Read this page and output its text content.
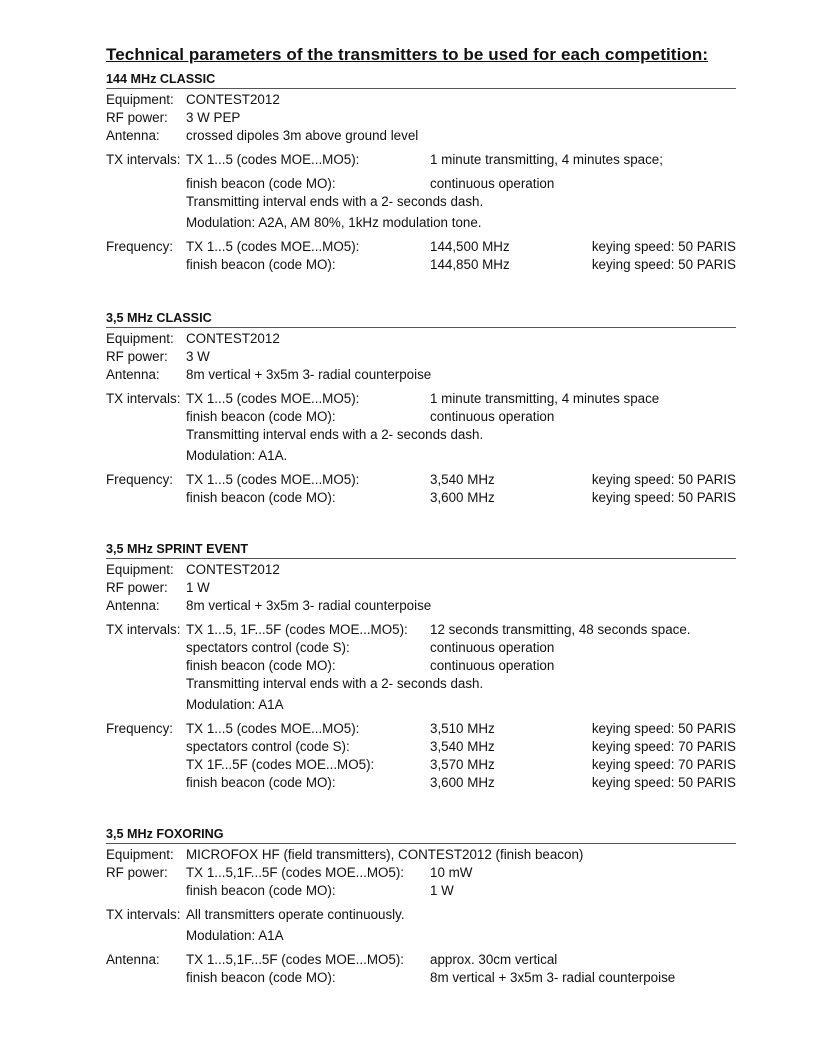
Technical parameters of the transmitters to be used for each competition:
144 MHz CLASSIC
Equipment: CONTEST2012
RF power: 3 W PEP
Antenna: crossed dipoles 3m above ground level
TX intervals: TX 1...5 (codes MOE...MO5):	1 minute transmitting, 4 minutes space;
finish beacon (code MO):	continuous operation
Transmitting interval ends with a 2- seconds dash.
Modulation: A2A, AM 80%, 1kHz modulation tone.
Frequency: TX 1...5 (codes MOE...MO5):	144,500 MHz	keying speed: 50 PARIS
finish beacon (code MO):	144,850 MHz	keying speed: 50 PARIS
3,5 MHz CLASSIC
Equipment: CONTEST2012
RF power: 3 W
Antenna: 8m vertical + 3x5m 3- radial counterpoise
TX intervals: TX 1...5 (codes MOE...MO5):	1 minute transmitting, 4 minutes space
finish beacon (code MO):	continuous operation
Transmitting interval ends with a 2- seconds dash.
Modulation: A1A.
Frequency: TX 1...5 (codes MOE...MO5):	3,540 MHz	keying speed: 50 PARIS
finish beacon (code MO):	3,600 MHz	keying speed: 50 PARIS
3,5 MHz SPRINT EVENT
Equipment: CONTEST2012
RF power: 1 W
Antenna: 8m vertical + 3x5m 3- radial counterpoise
TX intervals: TX 1...5, 1F...5F (codes MOE...MO5): 12 seconds transmitting, 48 seconds space.
spectators control (code S):	continuous operation
finish beacon (code MO):	continuous operation
Transmitting interval ends with a 2- seconds dash.
Modulation: A1A
Frequency: TX 1...5 (codes MOE...MO5):	3,510 MHz	keying speed: 50 PARIS
spectators control (code S):	3,540 MHz	keying speed: 70 PARIS
TX 1F...5F (codes MOE...MO5):	3,570 MHz	keying speed: 70 PARIS
finish beacon (code MO):	3,600 MHz	keying speed: 50 PARIS
3,5 MHz FOXORING
Equipment: MICROFOX HF (field transmitters), CONTEST2012 (finish beacon)
RF power: TX 1...5,1F...5F (codes MOE...MO5): 10 mW
finish beacon (code MO):	1 W
TX intervals: All transmitters operate continuously.
Modulation: A1A
Antenna: TX 1...5,1F...5F (codes MOE...MO5): approx. 30cm vertical
finish beacon (code MO):	8m vertical + 3x5m 3- radial counterpoise
